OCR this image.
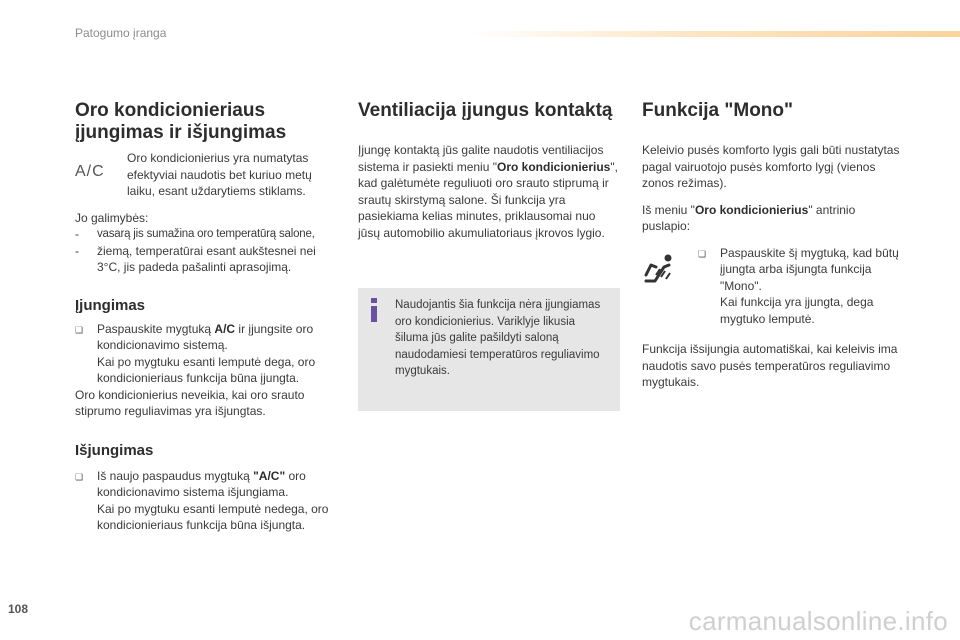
Patogumo įranga
Oro kondicionieriaus įjungimas ir išjungimas
A/C

Oro kondicionierius yra numatytas efektyviai naudotis bet kuriuo metų laiku, esant uždarytiems stiklams.

Jo galimybės:

-	vasarą jis sumažina oro temperatūrą salone,
-	žiemą, temperatūrai esant aukštesnei nei 3°C, jis padeda pašalinti aprasojimą.
Įjungimas
❏	Paspauskite mygtuką A/C ir įjungsite oro kondicionavimo sistemą.

Kai po mygtuku esanti lemputė dega, oro kondicionieriaus funkcija būna įjungta.

Oro kondicionierius neveikia, kai oro srauto stiprumo reguliavimas yra išjungtas.

Išjungimas
❏	Iš naujo paspaudus mygtuką "A/C" oro kondicionavimo sistema išjungiama.

Kai po mygtuku esanti lemputė nedega, oro kondicionieriaus funkcija būna išjungta.

Ventiliacija įjungus kontaktą

Įjungę kontaktą jūs galite naudotis ventiliacijos sistema ir pasiekti meniu "Oro kondicionierius", kad galėtumėte reguliuoti oro srauto stiprumą ir srautų skirstymą salone. Ši funkcija yra pasiekiama kelias minutes, priklausomai nuo jūsų automobilio akumuliatoriaus įkrovos lygio.

Naudojantis šia funkcija nėra įjungiamas oro kondicionierius. Variklyje likusia šiluma jūs galite pašildyti saloną naudodamiesi temperatūros reguliavimo mygtukais.

Funkcija "Mono"

Keleivio pusės komforto lygis gali būti nustatytas pagal vairuotojo pusės komforto lygį (vienos zonos režimas).

Iš meniu "Oro kondicionierius" antrinio puslapio:

❏	Paspauskite šį mygtuką, kad būtų įjungta arba išjungta funkcija "Mono".

Kai funkcija yra įjungta, dega mygtuko lemputė.

Funkcija išsijungia automatiškai, kai keleivis ima naudotis savo pusės temperatūros reguliavimo mygtukais.

108	carmanualsonline.info
